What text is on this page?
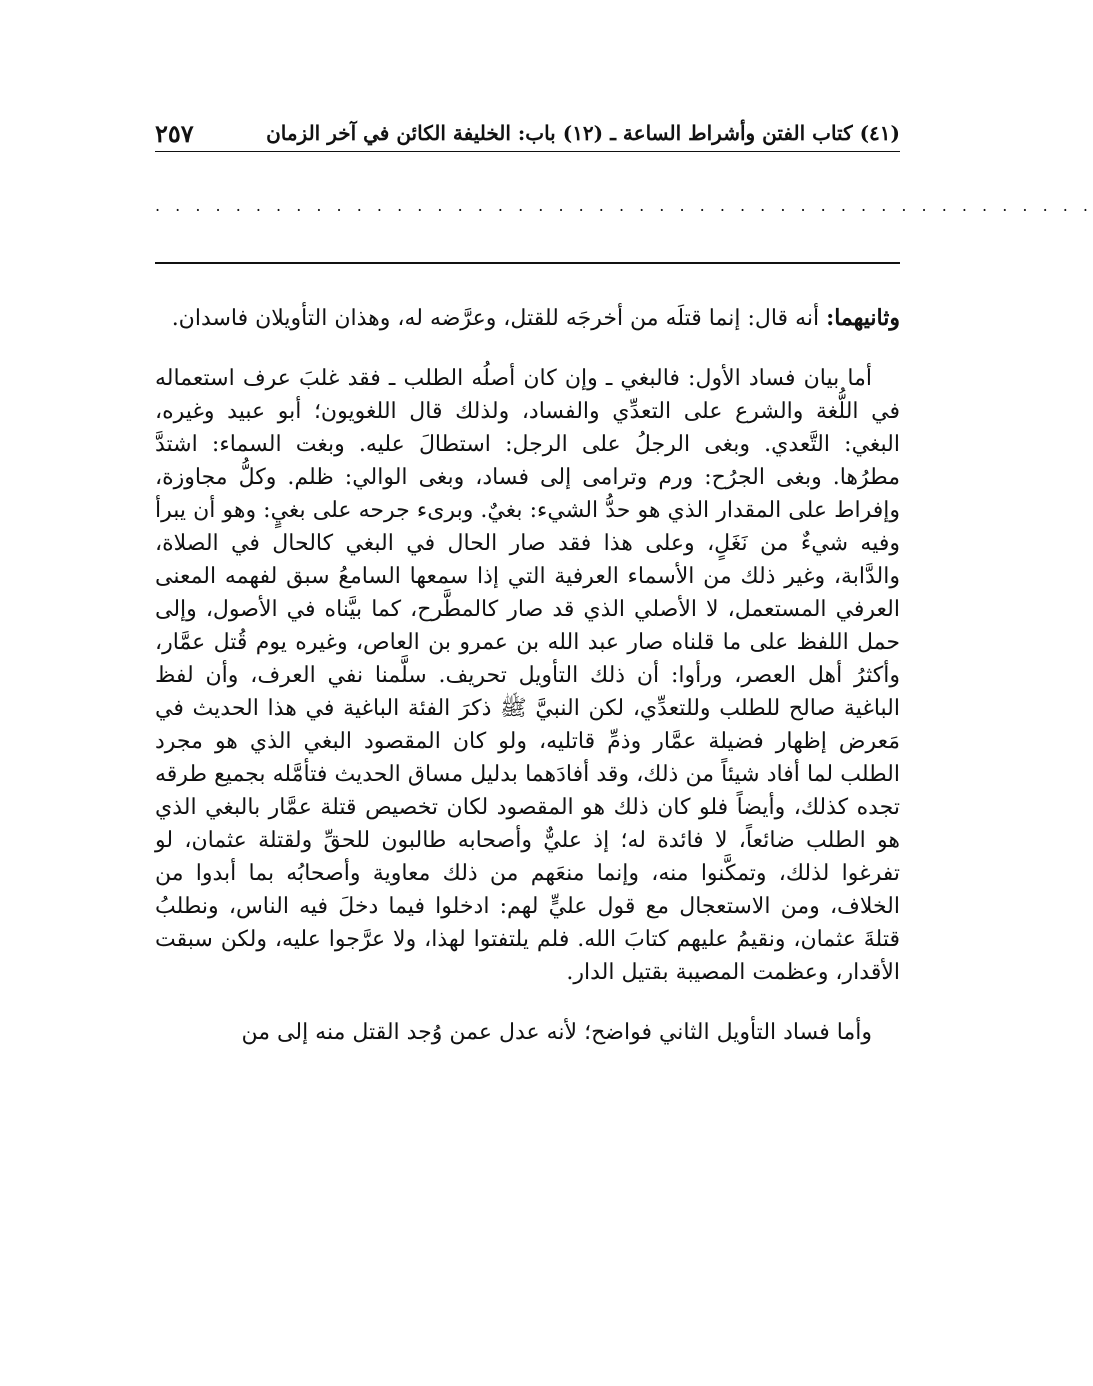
(٤١) كتاب الفتن وأشراط الساعة ـ (١٢) باب: الخليفة الكائن في آخر الزمان
٢٥٧
. . . . . . . . . . . . . . . . . . . . . . . . . . . . . . . . . . . . . . . . . . . . . . .

وثانيهما: أنه قال: إنما قتلَه من أخرجَه للقتل، وعرَّضه له، وهذان التأويلان فاسدان.

أما بيان فساد الأول: فالبغي ـ وإن كان أصلُه الطلب ـ فقد غلبَ عرف استعماله في اللُّغة والشرع على التعدِّي والفساد، ولذلك قال اللغويون؛ أبو عبيد وغيره، البغي: التَّعدي. وبغى الرجلُ على الرجل: استطالَ عليه. وبغت السماء: اشتدَّ مطرُها. وبغى الجرُح: ورم وترامى إلى فساد، وبغى الوالي: ظلم. وكلُّ مجاوزة، وإفراط على المقدار الذي هو حدُّ الشيء: بغيٌ. وبرىء جرحه على بغيٍ: وهو أن يبرأ وفيه شيءٌ من نَغَلٍ، وعلى هذا فقد صار الحال في البغي كالحال في الصلاة، والدَّابة، وغير ذلك من الأسماء العرفية التي إذا سمعها السامعُ سبق لفهمه المعنى العرفي المستعمل، لا الأصلي الذي قد صار كالمطَّرح، كما بيَّناه في الأصول، وإلى حمل اللفظ على ما قلناه صار عبد الله بن عمرو بن العاص، وغيره يوم قُتل عمَّار، وأكثرُ أهل العصر، ورأوا: أن ذلك التأويل تحريف. سلَّمنا نفي العرف، وأن لفظ الباغية صالح للطلب وللتعدِّي، لكن النبيَّ ﷺ ذكرَ الفئة الباغية في هذا الحديث في مَعرض إظهار فضيلة عمَّار وذمِّ قاتليه، ولو كان المقصود البغي الذي هو مجرد الطلب لما أفاد شيئاً من ذلك، وقد أفادَهما بدليل مساق الحديث فتأمَّله بجميع طرقه تجده كذلك، وأيضاً فلو كان ذلك هو المقصود لكان تخصيص قتلة عمَّار بالبغي الذي هو الطلب ضائعاً، لا فائدة له؛ إذ عليٌّ وأصحابه طالبون للحقِّ ولقتلة عثمان، لو تفرغوا لذلك، وتمكَّنوا منه، وإنما منعَهم من ذلك معاوية وأصحابُه بما أبدوا من الخلاف، ومن الاستعجال مع قول عليٍّ لهم: ادخلوا فيما دخلَ فيه الناس، ونطلبُ قتلةَ عثمان، ونقيمُ عليهم كتابَ الله. فلم يلتفتوا لهذا، ولا عرَّجوا عليه، ولكن سبقت الأقدار، وعظمت المصيبة بقتيل الدار.

وأما فساد التأويل الثاني فواضح؛ لأنه عدل عمن وُجد القتل منه إلى من
